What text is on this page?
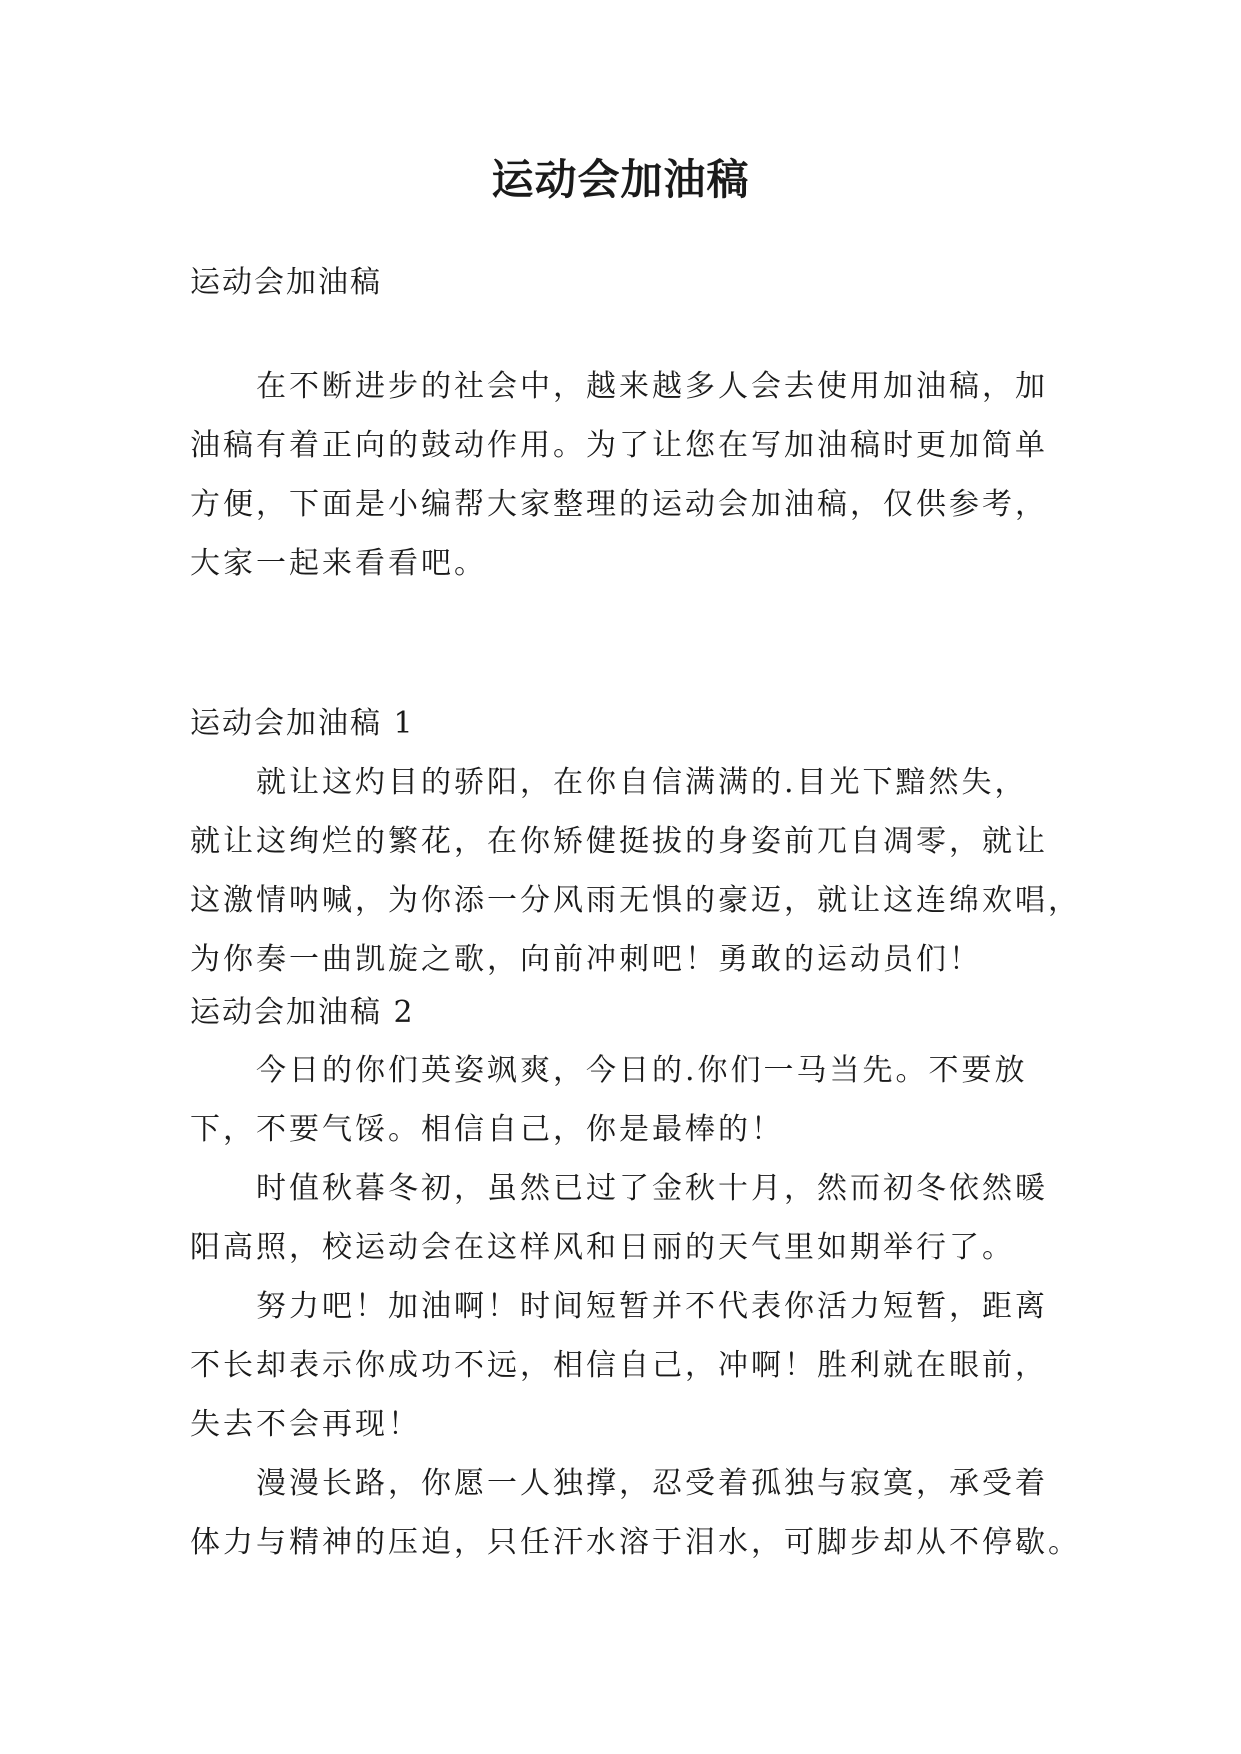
运动会加油稿
运动会加油稿
在不断进步的社会中，越来越多人会去使用加油稿，加
油稿有着正向的鼓动作用。为了让您在写加油稿时更加简单
方便，下面是小编帮大家整理的运动会加油稿，仅供参考，
大家一起来看看吧。
运动会加油稿 1
就让这灼目的骄阳，在你自信满满的.目光下黯然失，
就让这绚烂的繁花，在你矫健挺拔的身姿前兀自凋零，就让
这激情呐喊，为你添一分风雨无惧的豪迈，就让这连绵欢唱，
为你奏一曲凯旋之歌，向前冲刺吧！勇敢的运动员们！
运动会加油稿 2
今日的你们英姿飒爽，今日的.你们一马当先。不要放
下，不要气馁。相信自己，你是最棒的！
时值秋暮冬初，虽然已过了金秋十月，然而初冬依然暖
阳高照，校运动会在这样风和日丽的天气里如期举行了。
努力吧！加油啊！时间短暂并不代表你活力短暂，距离
不长却表示你成功不远，相信自己，冲啊！胜利就在眼前，
失去不会再现！
漫漫长路，你愿一人独撑，忍受着孤独与寂寞，承受着
体力与精神的压迫，只任汗水溶于泪水，可脚步却从不停歇。
